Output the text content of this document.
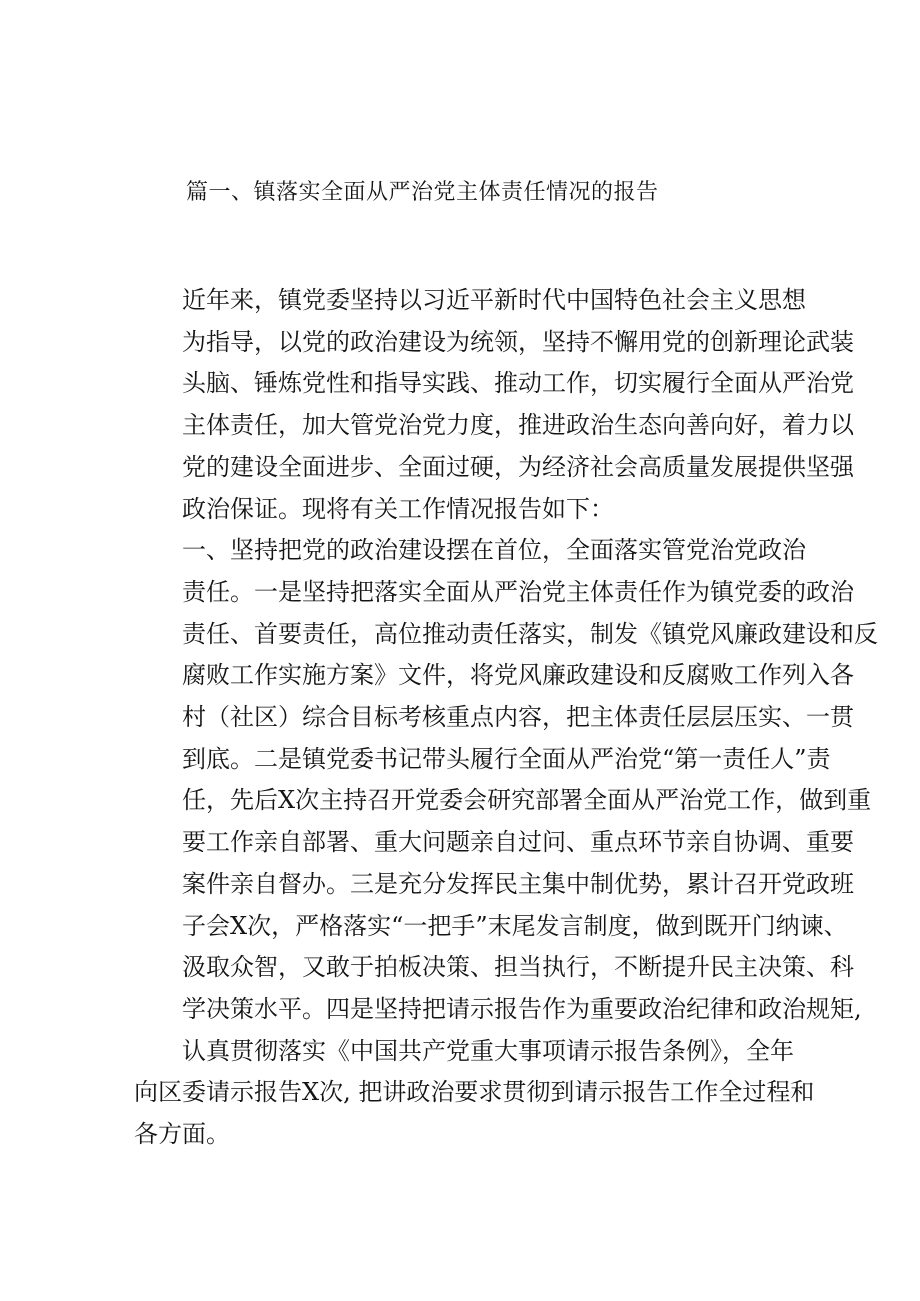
篇一、镇落实全面从严治党主体责任情况的报告

近年来，镇党委坚持以习近平新时代中国特色社会主义思想
为指导，以党的政治建设为统领，坚持不懈用党的创新理论武装
头脑、锤炼党性和指导实践、推动工作，切实履行全面从严治党
主体责任，加大管党治党力度，推进政治生态向善向好，着力以
党的建设全面进步、全面过硬，为经济社会高质量发展提供坚强
政治保证。现将有关工作情况报告如下：

一、坚持把党的政治建设摆在首位，全面落实管党治党政治
责任。一是坚持把落实全面从严治党主体责任作为镇党委的政治
责任、首要责任，高位推动责任落实，制发《镇党风廉政建设和反
腐败工作实施方案》文件，将党风廉政建设和反腐败工作列入各
村（社区）综合目标考核重点内容，把主体责任层层压实、一贯
到底。二是镇党委书记带头履行全面从严治党“第一责任人”责
任，先后X次主持召开党委会研究部署全面从严治党工作，做到重
要工作亲自部署、重大问题亲自过问、重点环节亲自协调、重要
案件亲自督办。三是充分发挥民主集中制优势，累计召开党政班
子会X次，严格落实“一把手”末尾发言制度，做到既开门纳谏、
汲取众智，又敢于拍板决策、担当执行，不断提升民主决策、科
学决策水平。四是坚持把请示报告作为重要政治纪律和政治规矩,
认真贯彻落实《中国共产党重大事项请示报告条例》，全年

向区委请示报告X次, 把讲政治要求贯彻到请示报告工作全过程和
各方面。
